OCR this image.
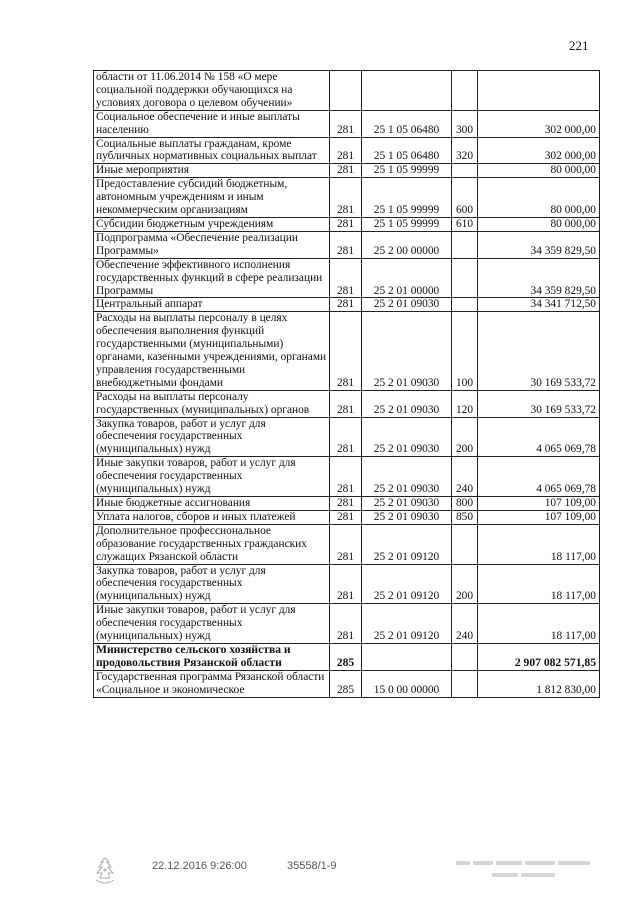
221
области от 11.06.2014 № 158 «О мере социальной поддержки обучающихся на условиях договора о целевом обучении»				
Социальное обеспечение и иные выплаты населению	281	25 1 05 06480	300	302 000,00
Социальные выплаты гражданам, кроме публичных нормативных социальных выплат	281	25 1 05 06480	320	302 000,00
Иные мероприятия	281	25 1 05 99999		80 000,00
Предоставление субсидий бюджетным, автономным учреждениям и иным некоммерческим организациям	281	25 1 05 99999	600	80 000,00
Субсидии бюджетным учреждениям	281	25 1 05 99999	610	80 000,00
Подпрограмма «Обеспечение реализации Программы»	281	25 2 00 00000		34 359 829,50
Обеспечение эффективного исполнения государственных функций в сфере реализации Программы	281	25 2 01 00000		34 359 829,50
Центральный аппарат	281	25 2 01 09030		34 341 712,50
Расходы на выплаты персоналу в целях обеспечения выполнения функций государственными (муниципальными) органами, казенными учреждениями, органами управления государственными внебюджетными фондами	281	25 2 01 09030	100	30 169 533,72
Расходы на выплаты персоналу государственных (муниципальных) органов	281	25 2 01 09030	120	30 169 533,72
Закупка товаров, работ и услуг для обеспечения государственных (муниципальных) нужд	281	25 2 01 09030	200	4 065 069,78
Иные закупки товаров, работ и услуг для обеспечения государственных (муниципальных) нужд	281	25 2 01 09030	240	4 065 069,78
Иные бюджетные ассигнования	281	25 2 01 09030	800	107 109,00
Уплата налогов, сборов и иных платежей	281	25 2 01 09030	850	107 109,00
Дополнительное профессиональное образование государственных гражданских служащих Рязанской области	281	25 2 01 09120		18 117,00
Закупка товаров, работ и услуг для обеспечения государственных (муниципальных) нужд	281	25 2 01 09120	200	18 117,00
Иные закупки товаров, работ и услуг для обеспечения государственных (муниципальных) нужд	281	25 2 01 09120	240	18 117,00
Министерство сельского хозяйства и продовольствия Рязанской области	285			2 907 082 571,85
Государственная программа Рязанской области «Социальное и экономическое	285	15 0 00 00000		1 812 830,00
22.12.2016 9:26:00	35558/1-9
